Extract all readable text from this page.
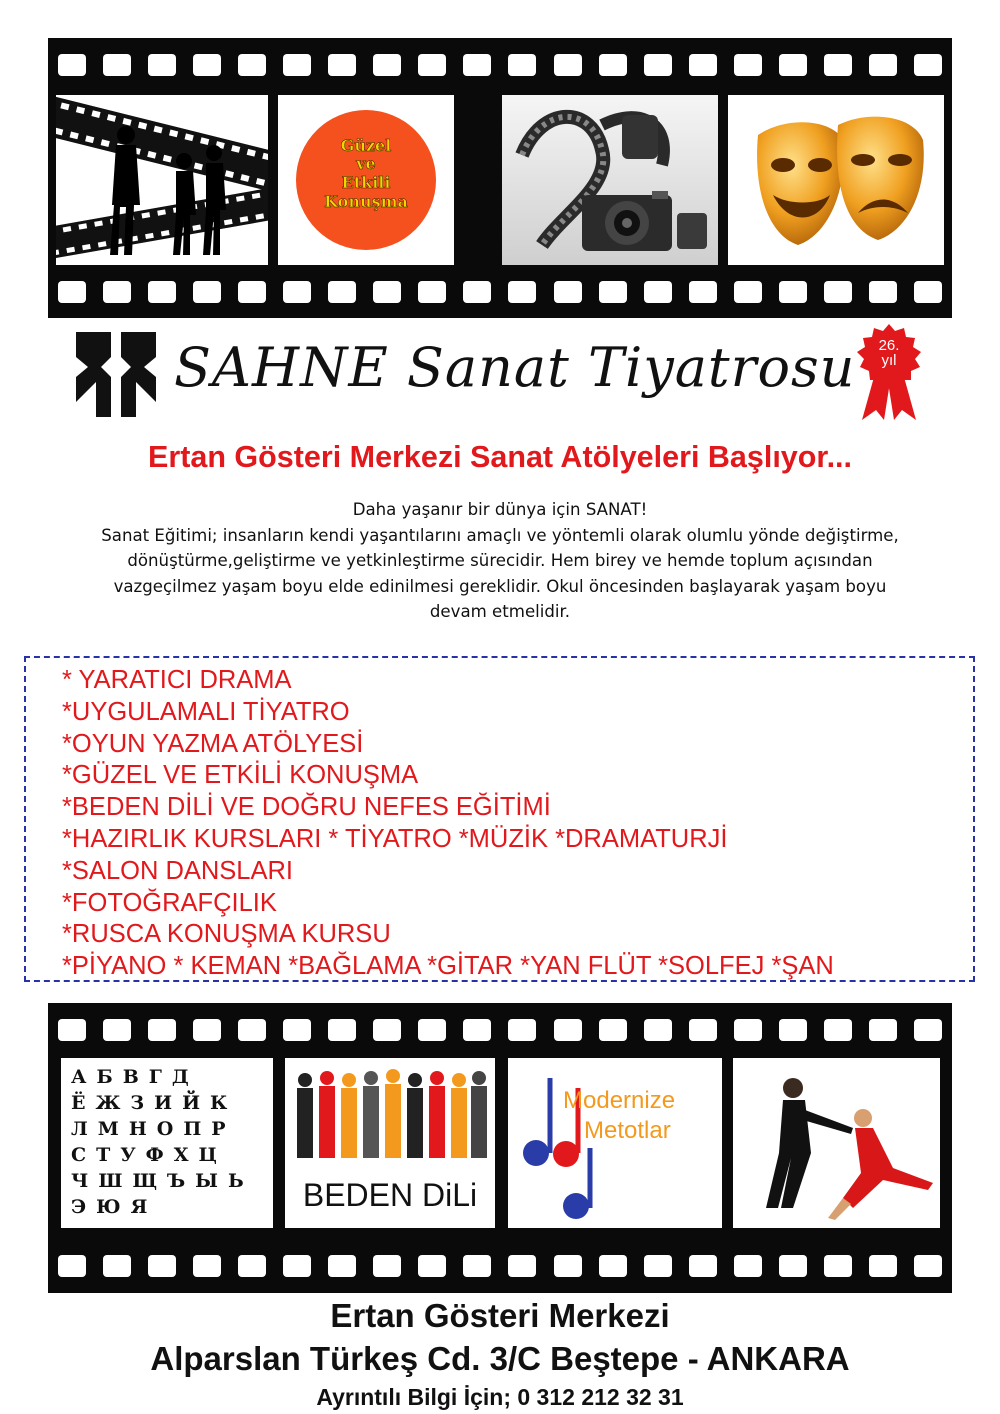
Güzel
ve
Etkili
Konuşma
SAHNE Sanat Tiyatrosu	26.
yıl
Ertan Gösteri Merkezi Sanat Atölyeleri Başlıyor...
Daha yaşanır bir dünya için SANAT!
Sanat Eğitimi; insanların kendi yaşantılarını amaçlı ve yöntemli olarak olumlu yönde değiştirme,
dönüştürme,geliştirme ve yetkinleştirme sürecidir. Hem birey ve hemde toplum açısından
vazgeçilmez yaşam boyu elde edinilmesi gereklidir. Okul öncesinden başlayarak yaşam boyu
devam etmelidir.
* YARATICI DRAMA
*UYGULAMALI TİYATRO
*OYUN YAZMA ATÖLYESİ
*GÜZEL VE ETKİLİ KONUŞMA
*BEDEN DİLİ VE DOĞRU NEFES EĞİTİMİ
*HAZIRLIK KURSLARI * TİYATRO *MÜZİK *DRAMATURJİ
*SALON DANSLARI
*FOTOĞRAFÇILIK
*RUSCA KONUŞMA KURSU
*PİYANO * KEMAN *BAĞLAMA *GİTAR *YAN FLÜT *SOLFEJ *ŞAN
АБВГД
ЁЖЗИЙК
ЛМНОПР
СТУФХЦ
ЧШЩЪЫЬ
ЭЮЯ	BEDEN DiLi
Modernize
Metotlar
Ertan Gösteri Merkezi
Alparslan Türkeş Cd. 3/C Beştepe - ANKARA
Ayrıntılı Bilgi İçin; 0 312 212 32 31
